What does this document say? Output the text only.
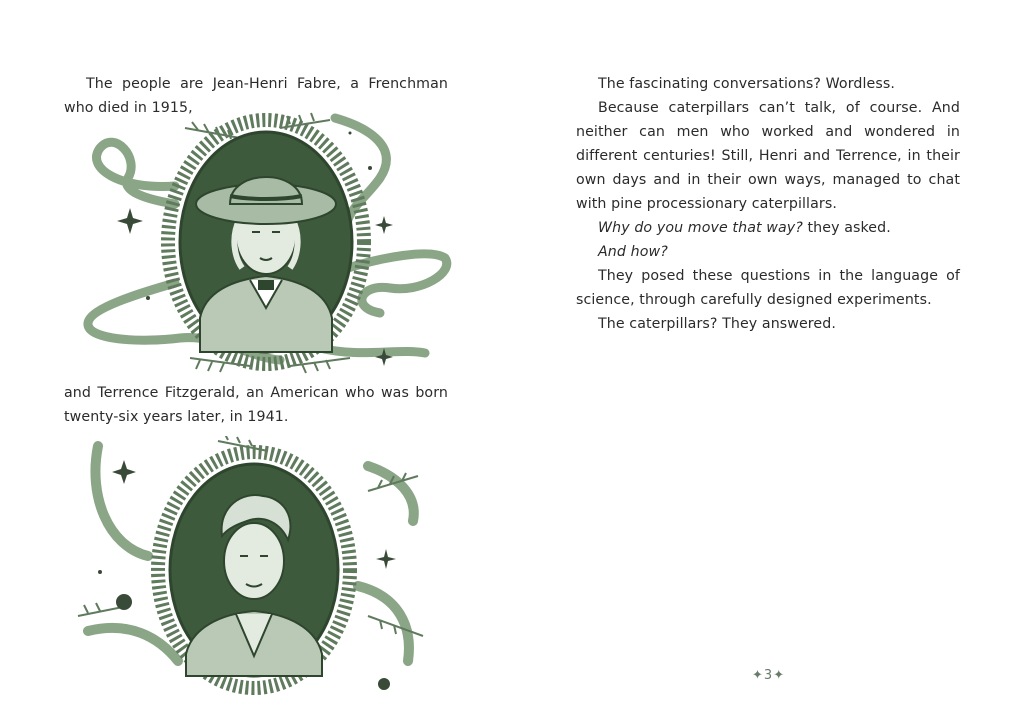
The people are Jean-Henri Fabre, a Frenchman who died in 1915,

and Terrence Fitzgerald, an American who was born twenty-six years later, in 1941.

The fascinating conversations? Wordless.
Because caterpillars can’t talk, of course. And neither can men who worked and wondered in different centuries! Still, Henri and Terrence, in their own days and in their own ways, managed to chat with pine processionary caterpillars.
Why do you move that way? they asked.
And how?
They posed these questions in the language of science, through carefully designed experiments.
The caterpillars? They answered.
✦3✦
